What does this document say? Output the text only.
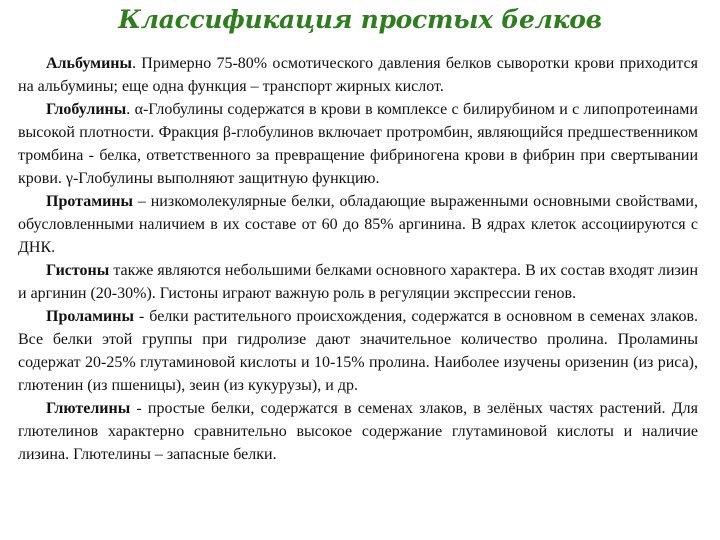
Классификация простых белков

Альбумины. Примерно 75-80% осмотического давления белков сыворотки крови приходится на альбумины; еще одна функция – транспорт жирных кислот.

Глобулины. α-Глобулины содержатся в крови в комплексе с билирубином и с липопротеинами высокой плотности. Фракция β-глобулинов включает протромбин, являющийся предшественником тромбина - белка, ответственного за превращение фибриногена крови в фибрин при свертывании крови. γ-Глобулины выполняют защитную функцию.

Протамины – низкомолекулярные белки, обладающие выраженными основными свойствами, обусловленными наличием в их составе от 60 до 85% аргинина. В ядрах клеток ассоциируются с ДНК.

Гистоны также являются небольшими белками основного характера. В их состав входят лизин и аргинин (20-30%). Гистоны играют важную роль в регуляции экспрессии генов.

Проламины - белки растительного происхождения, содержатся в основном в семенах злаков. Все белки этой группы при гидролизе дают значительное количество пролина. Проламины содержат 20-25% глутаминовой кислоты и 10-15% пролина. Наиболее изучены оризенин (из риса), глютенин (из пшеницы), зеин (из кукурузы), и др.

Глютелины - простые белки, содержатся в семенах злаков, в зелёных частях растений. Для глютелинов характерно сравнительно высокое содержание глутаминовой кислоты и наличие лизина. Глютелины – запасные белки.
